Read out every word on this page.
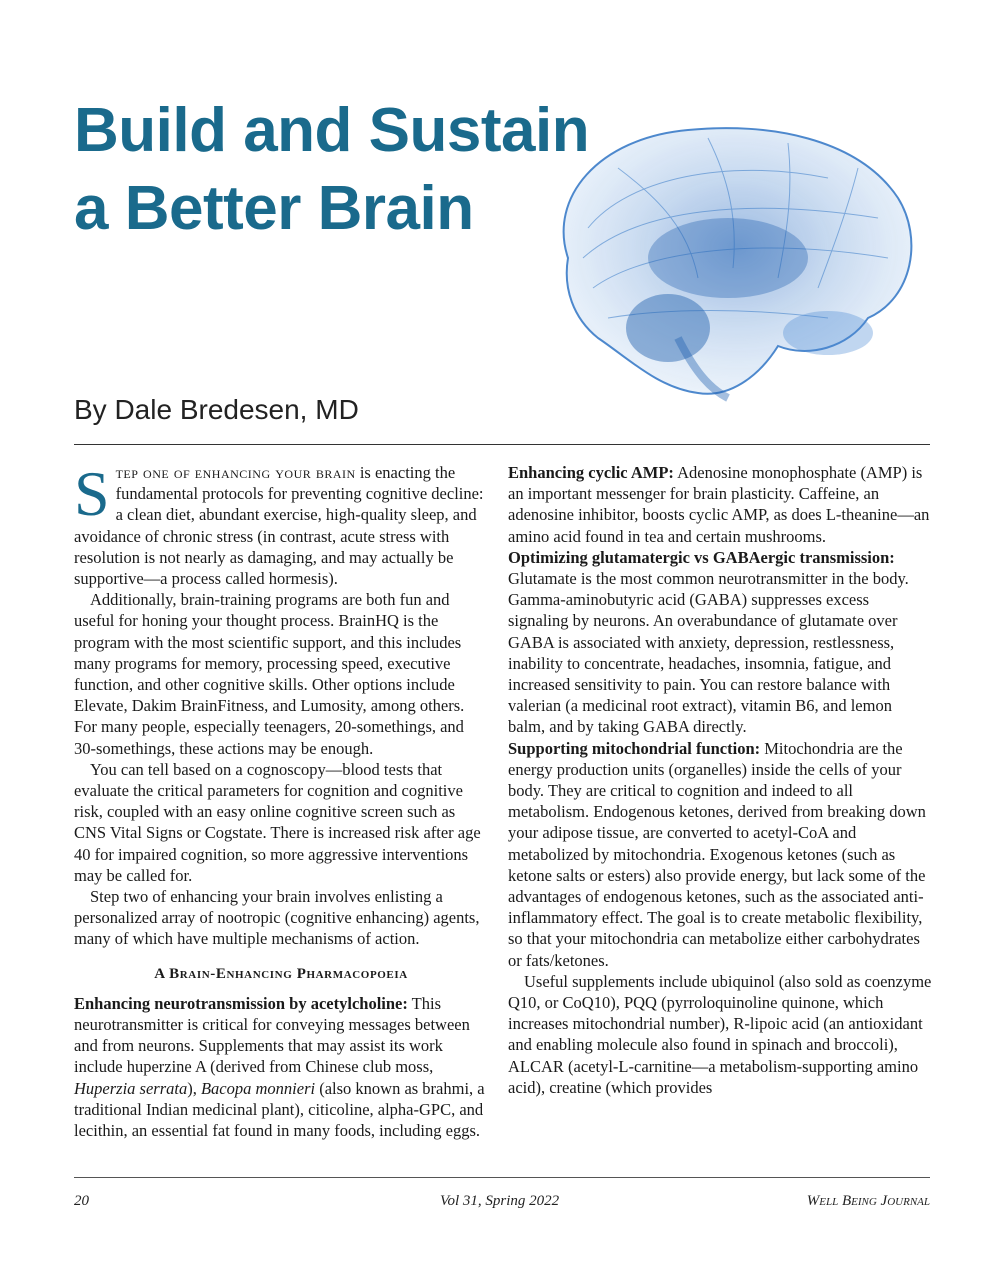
Build and Sustain
a Better Brain
By Dale Bredesen, MD

Step one of enhancing your brain is enacting the fundamental protocols for preventing cognitive decline: a clean diet, abundant exercise, high-quality sleep, and avoidance of chronic stress (in contrast, acute stress with resolution is not nearly as damaging, and may actually be supportive—a process called hormesis).

Additionally, brain-training programs are both fun and useful for honing your thought process. BrainHQ is the program with the most scientific support, and this includes many programs for memory, processing speed, executive function, and other cognitive skills. Other options include Elevate, Dakim BrainFitness, and Lumosity, among others. For many people, especially teenagers, 20-somethings, and 30-somethings, these actions may be enough.

You can tell based on a cognoscopy—blood tests that evaluate the critical parameters for cognition and cognitive risk, coupled with an easy online cognitive screen such as CNS Vital Signs or Cogstate. There is increased risk after age 40 for impaired cognition, so more aggressive interventions may be called for.

Step two of enhancing your brain involves enlisting a personalized array of nootropic (cognitive enhancing) agents, many of which have multiple mechanisms of action.

A Brain-Enhancing Pharmacopoeia

Enhancing neurotransmission by acetylcholine: This neurotransmitter is critical for conveying messages between and from neurons. Supplements that may assist its work include huperzine A (derived from Chinese club moss, Huperzia serrata), Bacopa monnieri (also known as brahmi, a traditional Indian medicinal plant), citicoline, alpha-GPC, and lecithin, an essential fat found in many foods, including eggs.

Enhancing cyclic AMP: Adenosine monophosphate (AMP) is an important messenger for brain plasticity. Caffeine, an adenosine inhibitor, boosts cyclic AMP, as does L-theanine—an amino acid found in tea and certain mushrooms.

Optimizing glutamatergic vs GABAergic transmission: Glutamate is the most common neurotransmitter in the body. Gamma-aminobutyric acid (GABA) suppresses excess signaling by neurons. An overabundance of glutamate over GABA is associated with anxiety, depression, restlessness, inability to concentrate, headaches, insomnia, fatigue, and increased sensitivity to pain. You can restore balance with valerian (a medicinal root extract), vitamin B6, and lemon balm, and by taking GABA directly.

Supporting mitochondrial function: Mitochondria are the energy production units (organelles) inside the cells of your body. They are critical to cognition and indeed to all metabolism. Endogenous ketones, derived from breaking down your adipose tissue, are converted to acetyl-CoA and metabolized by mitochondria. Exogenous ketones (such as ketone salts or esters) also provide energy, but lack some of the advantages of endogenous ketones, such as the associated anti-inflammatory effect. The goal is to create metabolic flexibility, so that your mitochondria can metabolize either carbohydrates or fats/ketones.

Useful supplements include ubiquinol (also sold as coenzyme Q10, or CoQ10), PQQ (pyrroloquinoline quinone, which increases mitochondrial number), R-lipoic acid (an antioxidant and enabling molecule also found in spinach and broccoli), ALCAR (acetyl-L-carnitine—a metabolism-supporting amino acid), creatine (which provides

20	Vol 31, Spring 2022	Well Being Journal
